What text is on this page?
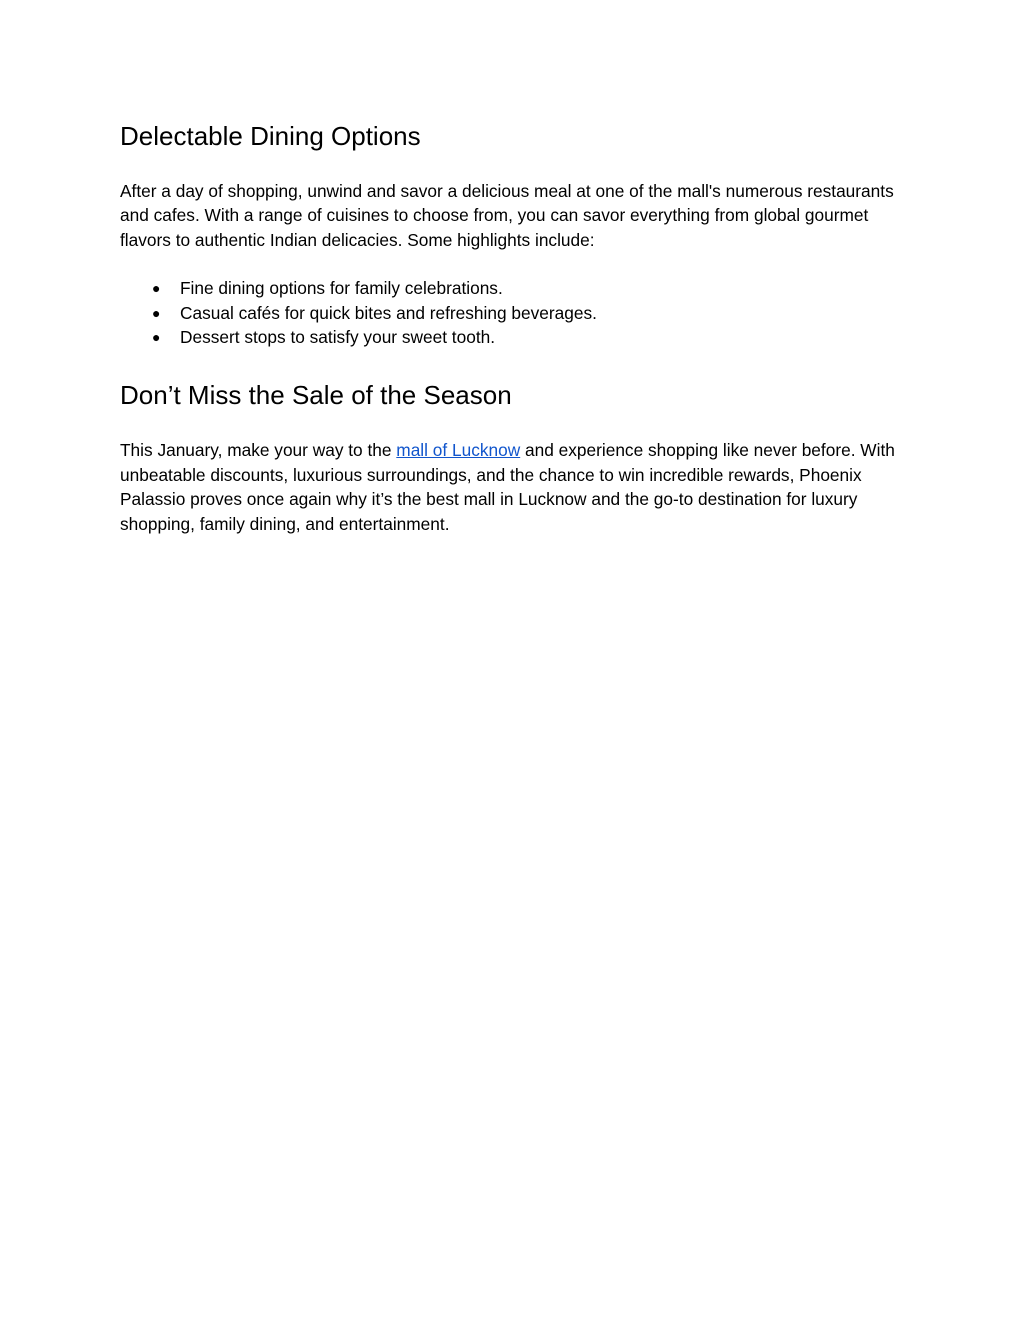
Delectable Dining Options

After a day of shopping, unwind and savor a delicious meal at one of the mall's numerous restaurants and cafes. With a range of cuisines to choose from, you can savor everything from global gourmet flavors to authentic Indian delicacies. Some highlights include:

● Fine dining options for family celebrations.
● Casual cafés for quick bites and refreshing beverages.
● Dessert stops to satisfy your sweet tooth.
Don’t Miss the Sale of the Season

This January, make your way to the mall of Lucknow and experience shopping like never before. With unbeatable discounts, luxurious surroundings, and the chance to win incredible rewards, Phoenix Palassio proves once again why it’s the best mall in Lucknow and the go-to destination for luxury shopping, family dining, and entertainment.
